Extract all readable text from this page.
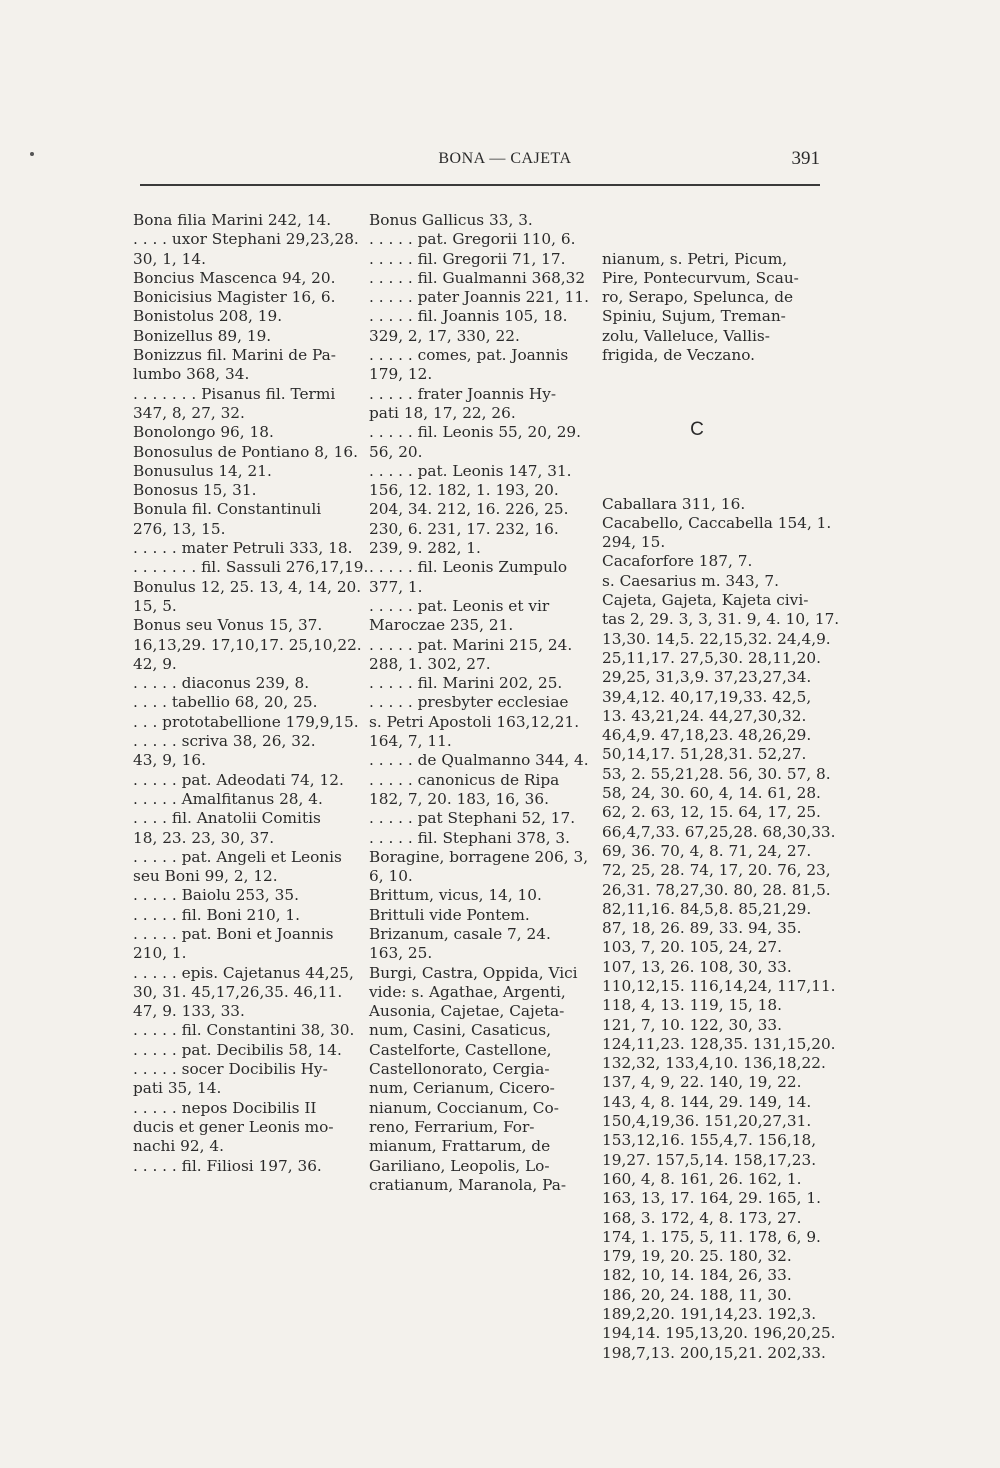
BONA — CAJETA	391
Bona filia Marini 242, 14.
. . . . uxor Stephani 29,23,28.
30, 1, 14.
Boncius Mascenca 94, 20.
Bonicisius Magister 16, 6.
Bonistolus 208, 19.
Bonizellus 89, 19.
Bonizzus fil. Marini de Pa-
lumbo 368, 34.
. . . . . . . Pisanus fil. Termi
347, 8, 27, 32.
Bonolongo 96, 18.
Bonosulus de Pontiano 8, 16.
Bonusulus 14, 21.
Bonosus 15, 31.
Bonula fil. Constantinuli
276, 13, 15.
. . . . . mater Petruli 333, 18.
. . . . . . . fil. Sassuli 276,17,19.
Bonulus 12, 25. 13, 4, 14, 20.
15, 5.
Bonus seu Vonus 15, 37.
16,13,29. 17,10,17. 25,10,22.
42, 9.
. . . . . diaconus 239, 8.
. . . . tabellio 68, 20, 25.
. . . prototabellione 179,9,15.
. . . . . scriva 38, 26, 32.
43, 9, 16.
. . . . . pat. Adeodati 74, 12.
. . . . . Amalfitanus 28, 4.
. . . . fil. Anatolii Comitis
18, 23. 23, 30, 37.
. . . . . pat. Angeli et Leonis
seu Boni 99, 2, 12.
. . . . . Baiolu 253, 35.
. . . . . fil. Boni 210, 1.
. . . . . pat. Boni et Joannis
210, 1.
. . . . . epis. Cajetanus 44,25,
30, 31. 45,17,26,35. 46,11.
47, 9. 133, 33.
. . . . . fil. Constantini 38, 30.
. . . . . pat. Decibilis 58, 14.
. . . . . socer Docibilis Hy-
pati 35, 14.
. . . . . nepos Docibilis II
ducis et gener Leonis mo-
nachi 92, 4.
. . . . . fil. Filiosi 197, 36.
Bonus Gallicus 33, 3.
. . . . . pat. Gregorii 110, 6.
. . . . . fil. Gregorii 71, 17.
. . . . . fil. Gualmanni 368,32
. . . . . pater Joannis 221, 11.
. . . . . fil. Joannis 105, 18.
329, 2, 17, 330, 22.
. . . . . comes, pat. Joannis
179, 12.
. . . . . frater Joannis Hy-
pati 18, 17, 22, 26.
. . . . . fil. Leonis 55, 20, 29.
56, 20.
. . . . . pat. Leonis 147, 31.
156, 12. 182, 1. 193, 20.
204, 34. 212, 16. 226, 25.
230, 6. 231, 17. 232, 16.
239, 9. 282, 1.
. . . . . fil. Leonis Zumpulo
377, 1.
. . . . . pat. Leonis et vir
Maroczae 235, 21.
. . . . . pat. Marini 215, 24.
288, 1. 302, 27.
. . . . . fil. Marini 202, 25.
. . . . . presbyter ecclesiae
s. Petri Apostoli 163,12,21.
164, 7, 11.
. . . . . de Qualmanno 344, 4.
. . . . . canonicus de Ripa
182, 7, 20. 183, 16, 36.
. . . . . pat Stephani 52, 17.
. . . . . fil. Stephani 378, 3.
Boragine, borragene 206, 3,
6, 10.
Brittum, vicus, 14, 10.
Brittuli vide Pontem.
Brizanum, casale 7, 24.
163, 25.
Burgi, Castra, Oppida, Vici
vide: s. Agathae, Argenti,
Ausonia, Cajetae, Cajeta-
num, Casini, Casaticus,
Castelforte, Castellone,
Castellonorato, Cergia-
num, Cerianum, Cicero-
nianum, Coccianum, Co-
reno, Ferrarium, For-
mianum, Frattarum, de
Gariliano, Leopolis, Lo-
cratianum, Maranola, Pa-

nianum, s. Petri, Picum,
Pire, Pontecurvum, Scau-
ro, Serapo, Spelunca, de
Spiniu, Sujum, Treman-
zolu, Valleluce, Vallis-
frigida, de Veczano.

C

Caballara 311, 16.
Cacabello, Caccabella 154, 1.
294, 15.
Cacaforfore 187, 7.
s. Caesarius m. 343, 7.
Cajeta, Gajeta, Kajeta civi-
tas 2, 29. 3, 3, 31. 9, 4. 10, 17.
13,30. 14,5. 22,15,32. 24,4,9.
25,11,17. 27,5,30. 28,11,20.
29,25, 31,3,9. 37,23,27,34.
39,4,12. 40,17,19,33. 42,5,
13. 43,21,24. 44,27,30,32.
46,4,9. 47,18,23. 48,26,29.
50,14,17. 51,28,31. 52,27.
53, 2. 55,21,28. 56, 30. 57, 8.
58, 24, 30. 60, 4, 14. 61, 28.
62, 2. 63, 12, 15. 64, 17, 25.
66,4,7,33. 67,25,28. 68,30,33.
69, 36. 70, 4, 8. 71, 24, 27.
72, 25, 28. 74, 17, 20. 76, 23,
26,31. 78,27,30. 80, 28. 81,5.
82,11,16. 84,5,8. 85,21,29.
87, 18, 26. 89, 33. 94, 35.
103, 7, 20. 105, 24, 27.
107, 13, 26. 108, 30, 33.
110,12,15. 116,14,24, 117,11.
118, 4, 13. 119, 15, 18.
121, 7, 10. 122, 30, 33.
124,11,23. 128,35. 131,15,20.
132,32, 133,4,10. 136,18,22.
137, 4, 9, 22. 140, 19, 22.
143, 4, 8. 144, 29. 149, 14.
150,4,19,36. 151,20,27,31.
153,12,16. 155,4,7. 156,18,
19,27. 157,5,14. 158,17,23.
160, 4, 8. 161, 26. 162, 1.
163, 13, 17. 164, 29. 165, 1.
168, 3. 172, 4, 8. 173, 27.
174, 1. 175, 5, 11. 178, 6, 9.
179, 19, 20. 25. 180, 32.
182, 10, 14. 184, 26, 33.
186, 20, 24. 188, 11, 30.
189,2,20. 191,14,23. 192,3.
194,14. 195,13,20. 196,20,25.
198,7,13. 200,15,21. 202,33.
